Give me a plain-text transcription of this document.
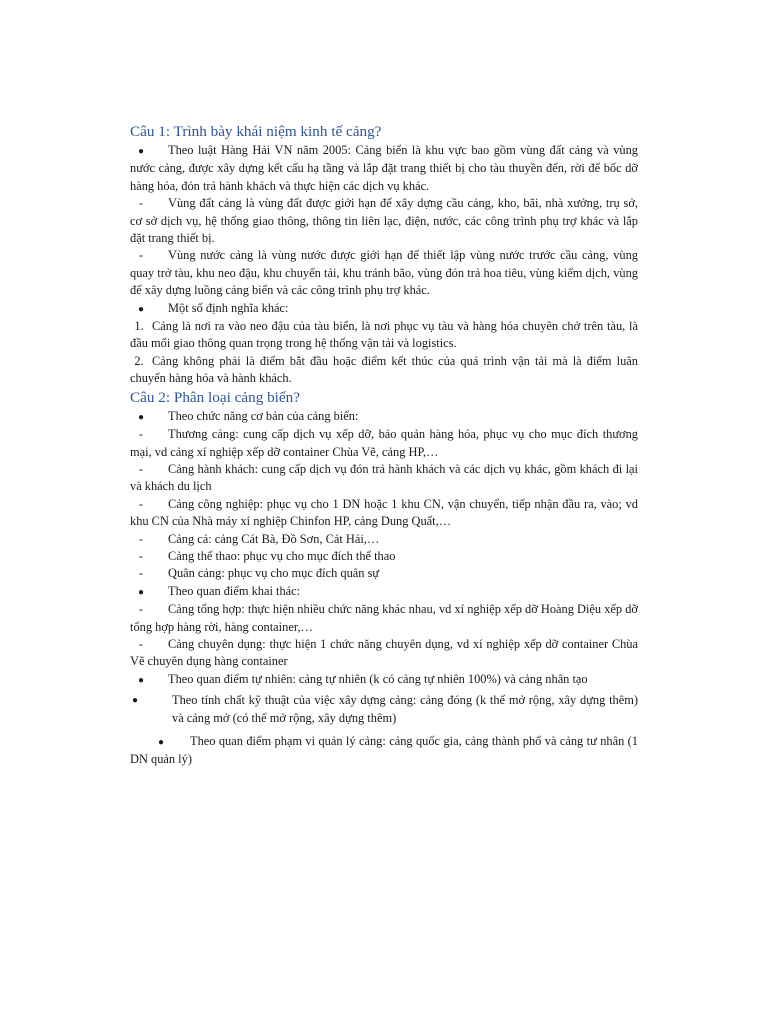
Câu 1: Trình bày khái niệm kinh tế cảng?

● Theo luật Hàng Hải VN năm 2005: Cảng biển là khu vực bao gồm vùng đất cảng và vùng nước cảng, được xây dựng kết cấu hạ tầng và lắp đặt trang thiết bị cho tàu thuyền đến, rời để bốc dỡ hàng hóa, đón trả hành khách và thực hiện các dịch vụ khác.

- Vùng đất cảng là vùng đất được giới hạn để xây dựng cầu cảng, kho, bãi, nhà xưởng, trụ sở, cơ sở dịch vụ, hệ thống giao thông, thông tin liên lạc, điện, nước, các công trình phụ trợ khác và lắp đặt trang thiết bị.

- Vùng nước cảng là vùng nước được giới hạn để thiết lập vùng nước trước cầu cảng, vùng quay trở tàu, khu neo đậu, khu chuyển tải, khu tránh bão, vùng đón trả hoa tiêu, vùng kiểm dịch, vùng để xây dựng luồng cảng biển và các công trình phụ trợ khác.

● Một số định nghĩa khác:

1. Cảng là nơi ra vào neo đậu của tàu biển, là nơi phục vụ tàu và hàng hóa chuyên chở trên tàu, là đầu mối giao thông quan trọng trong hệ thống vận tải và logistics.

2. Cảng không phải là điểm bắt đầu hoặc điểm kết thúc của quá trình vận tải mà là điểm luân chuyển hàng hóa và hành khách.

Câu 2: Phân loại cảng biển?

● Theo chức năng cơ bản của cảng biển:

- Thương cảng: cung cấp dịch vụ xếp dỡ, bảo quản hàng hóa, phục vụ cho mục đích thương mại, vd cảng xí nghiệp xếp dỡ container Chùa Vẽ, cảng HP,…

- Cảng hành khách: cung cấp dịch vụ đón trả hành khách và các dịch vụ khác, gồm khách đi lại và khách du lịch

- Cảng công nghiệp: phục vụ cho 1 DN hoặc 1 khu CN, vận chuyển, tiếp nhận đầu ra, vào; vd khu CN của Nhà máy xí nghiệp Chinfon HP, cảng Dung Quất,…

- Cảng cá: cảng Cát Bà, Đồ Sơn, Cát Hải,…

- Cảng thể thao: phục vụ cho mục đích thể thao

- Quân cảng: phục vụ cho mục đích quân sự

● Theo quan điểm khai thác:

- Cảng tổng hợp: thực hiện nhiều chức năng khác nhau, vd xí nghiệp xếp dỡ Hoàng Diệu xếp dỡ tổng hợp hàng rời, hàng container,…

- Cảng chuyên dụng: thực hiện 1 chức năng chuyên dụng, vd xí nghiệp xếp dỡ container Chùa Vẽ chuyên dụng hàng container

● Theo quan điểm tự nhiên: cảng tự nhiên (k có cảng tự nhiên 100%) và cảng nhân tạo

●	Theo tính chất kỹ thuật của việc xây dựng cảng: cảng đóng (k thể mở rộng, xây dựng thêm) và cảng mở (có thể mở rộng, xây dựng thêm)

● Theo quan điểm phạm vi quản lý cảng: cảng quốc gia, cảng thành phố và cảng tư nhân (1 DN quản lý)
